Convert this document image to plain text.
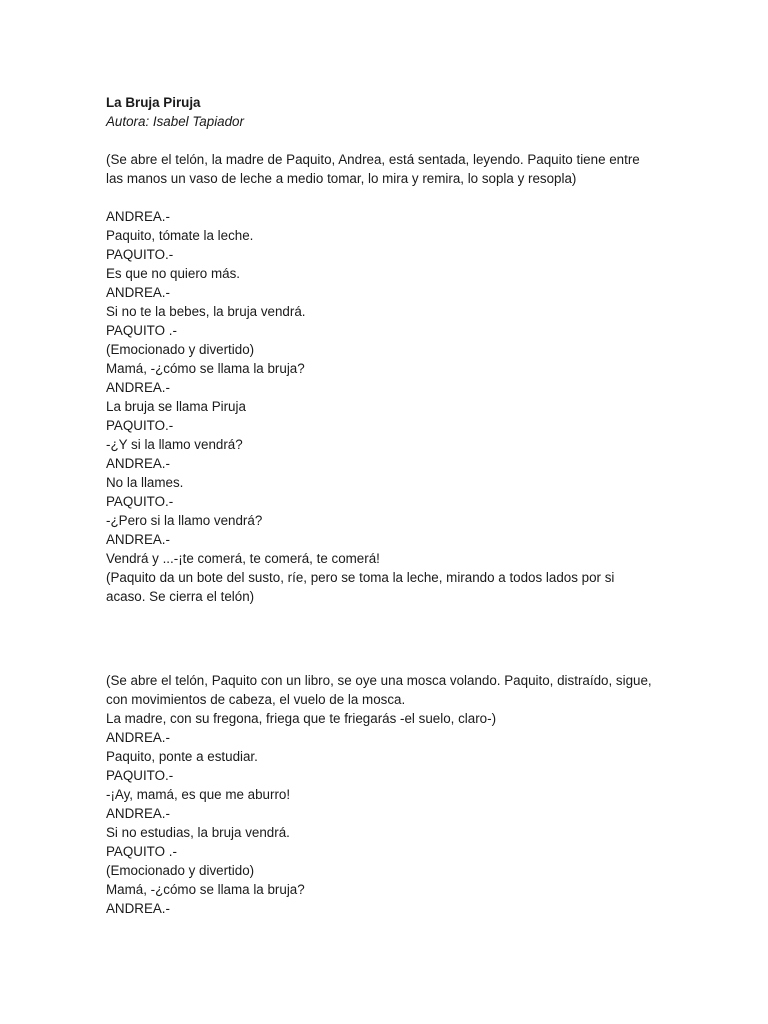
La Bruja Piruja
Autora: Isabel Tapiador
(Se abre el telón, la madre de Paquito, Andrea, está sentada, leyendo. Paquito tiene entre
las manos un vaso de leche a medio tomar, lo mira y remira, lo sopla y resopla)
ANDREA.-
Paquito, tómate la leche.
PAQUITO.-
Es que no quiero más.
ANDREA.-
Si no te la bebes, la bruja vendrá.
PAQUITO .-
(Emocionado y divertido)
Mamá, -¿cómo se llama la bruja?
ANDREA.-
La bruja se llama Piruja
PAQUITO.-
-¿Y si la llamo vendrá?
ANDREA.-
No la llames.
PAQUITO.-
-¿Pero si la llamo vendrá?
ANDREA.-
Vendrá y ...-¡te comerá, te comerá, te comerá!
(Paquito da un bote del susto, ríe, pero se toma la leche, mirando a todos lados por si
acaso. Se cierra el telón)
(Se abre el telón, Paquito con un libro, se oye una mosca volando. Paquito, distraído, sigue,
con movimientos de cabeza, el vuelo de la mosca.
La madre, con su fregona, friega que te friegarás -el suelo, claro-)
ANDREA.-
Paquito, ponte a estudiar.
PAQUITO.-
-¡Ay, mamá, es que me aburro!
ANDREA.-
Si no estudias, la bruja vendrá.
PAQUITO .-
(Emocionado y divertido)
Mamá, -¿cómo se llama la bruja?
ANDREA.-
